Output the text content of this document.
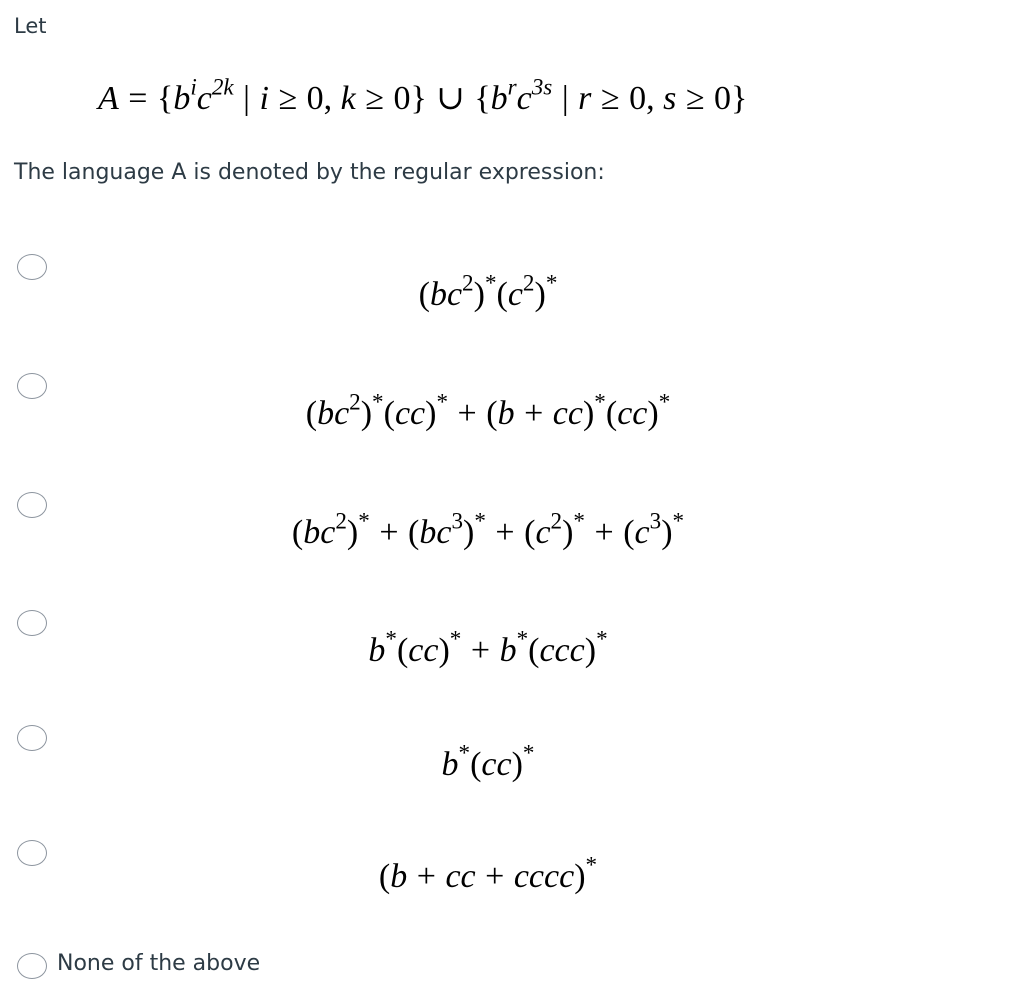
Let
$A = \{b^ic^{2k}$ | i ≥ 0, k ≥ 0} ∪ {$b^rc^{3s}$ | r ≥ 0, s ≥ 0}
The language A is denoted by the regular expression:
$(bc^2)^*(c^2)^*$
$(bc^2)^*(cc)^* + (b + cc)^*(cc)^*$
$(bc^2)^* + (bc^3)^* + (c^2)^* + (c^3)^*$
b*(cc)* + b*(ccc)*
b*(cc)*
(b + cc + cccc)*
None of the above
